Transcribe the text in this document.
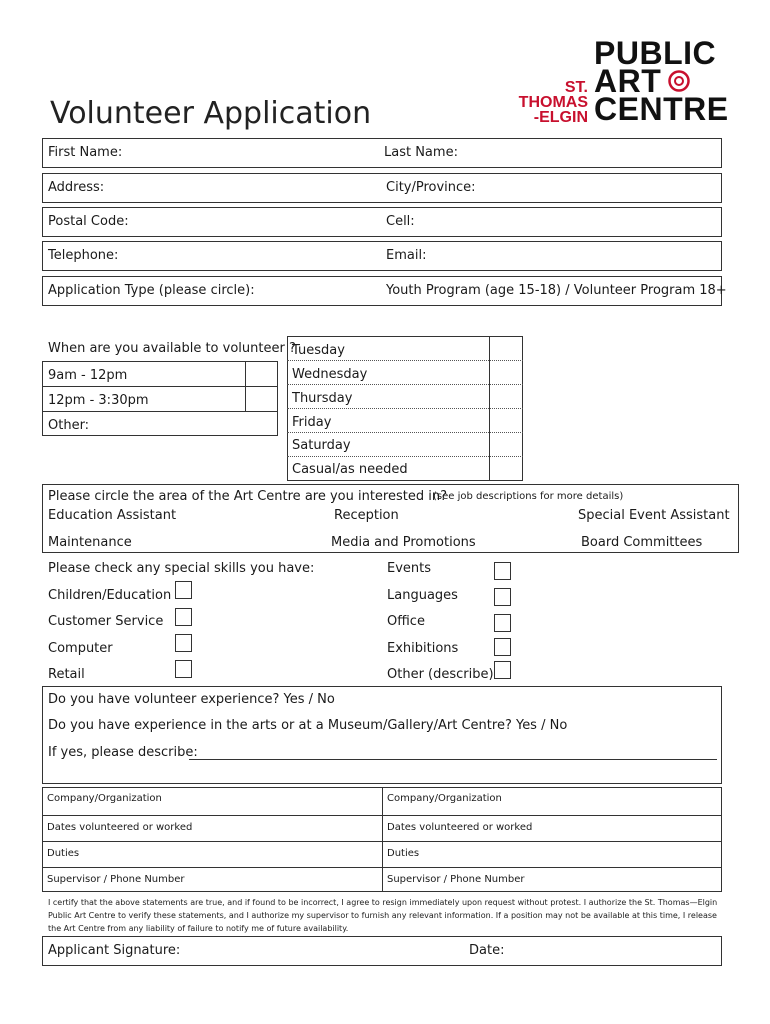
Volunteer Application
PUBLIC
ART
CENTRE
ST.
THOMAS
-ELGIN
First Name:	Last Name:
Address:	City/Province:
Postal Code:	Cell:
Telephone:	Email:
Application Type (please circle):	Youth Program (age 15-18) / Volunteer Program 18+
When are you available to volunteer ?
9am - 12pm
12pm - 3:30pm
Other:
Tuesday
Wednesday
Thursday
Friday
Saturday
Casual/as needed
Please circle the area of the Art Centre are you interested in?
(see job descriptions for more details)
Education Assistant	Reception	Special Event Assistant
Maintenance	Media and Promotions	Board Committees
Please check any special skills you have:
Children/Education
Customer Service
Computer
Retail
Events
Languages
Office
Exhibitions
Other (describe)
Do you have volunteer experience? Yes / No
Do you have experience in the arts or at a Museum/Gallery/Art Centre? Yes / No
If yes, please describe:
Company/Organization	Company/Organization
Dates volunteered or worked	Dates volunteered or worked
Duties	Duties
Supervisor / Phone Number	Supervisor / Phone Number
I certify that the above statements are true, and if found to be incorrect, I agree to resign immediately upon request without protest. I authorize the St. Thomas—Elgin Public Art Centre to verify these statements, and I authorize my supervisor to furnish any relevant information. If a position may not be available at this time, I release the Art Centre from any liability of failure to notify me of future availability.
Applicant Signature:	Date:
